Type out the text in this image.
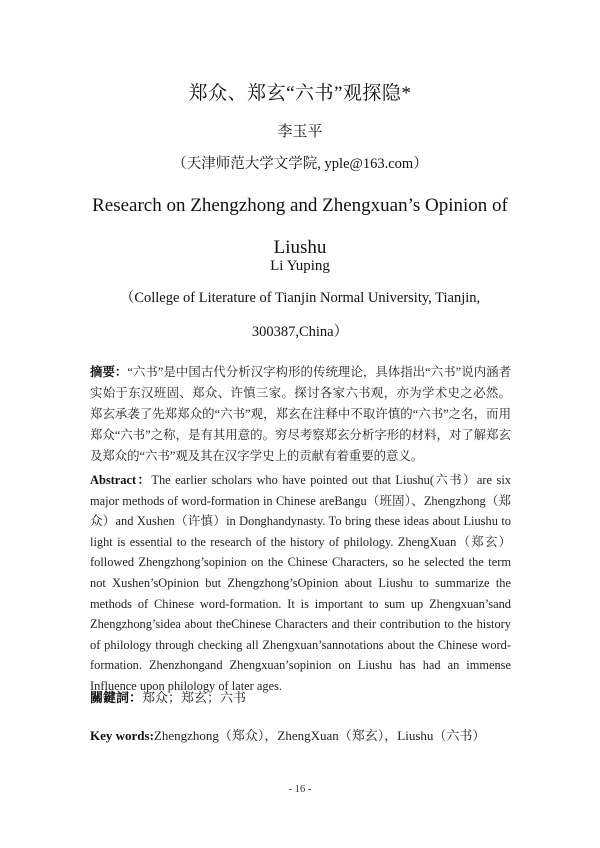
郑众、郑玄“六书”观探隐*
李玉平
（天津师范大学文学院, yple@163.com）
Research on Zhengzhong and Zhengxuan’s Opinion of Liushu
Li Yuping
（College of Literature of Tianjin Normal University, Tianjin, 300387,China）
摘要：“六书”是中国古代分析汉字构形的传统理论，具体指出“六书”说内涵者实始于东汉班固、郑众、许慎三家。探讨各家六书观，亦为学术史之必然。郑玄承袭了先郑郑众的“六书”观，郑玄在注释中不取许慎的“六书”之名，而用郑众“六书”之称，是有其用意的。穷尽考察郑玄分析字形的材料，对了解郑玄及郑众的“六书”观及其在汉字学史上的贡献有着重要的意义。
Abstract：The earlier scholars who have pointed out that Liushu(六书）are six major methods of word-formation in Chinese areBangu（班固）、Zhengzhong（郑众）and Xushen（许慎）in Donghandynasty. To bring these ideas about Liushu to light is essential to the research of the history of philology. ZhengXuan（郑玄）followed Zhengzhong’sopinion on the Chinese Characters, so he selected the term not Xushen’sOpinion but Zhengzhong’sOpinion about Liushu to summarize the methods of Chinese word-formation. It is important to sum up Zhengxuan’sand Zhengzhong’sidea about theChinese Characters and their contribution to the history of philology through checking all Zhengxuan’sannotations about the Chinese word-formation. Zhenzhongand Zhengxuan’sopinion on Liushu has had an immense Influence upon philology of later ages.
關鍵詞：郑众；郑玄；六书
Key words:Zhengzhong（郑众），ZhengXuan（郑玄），Liushu（六书）
- 16 -
